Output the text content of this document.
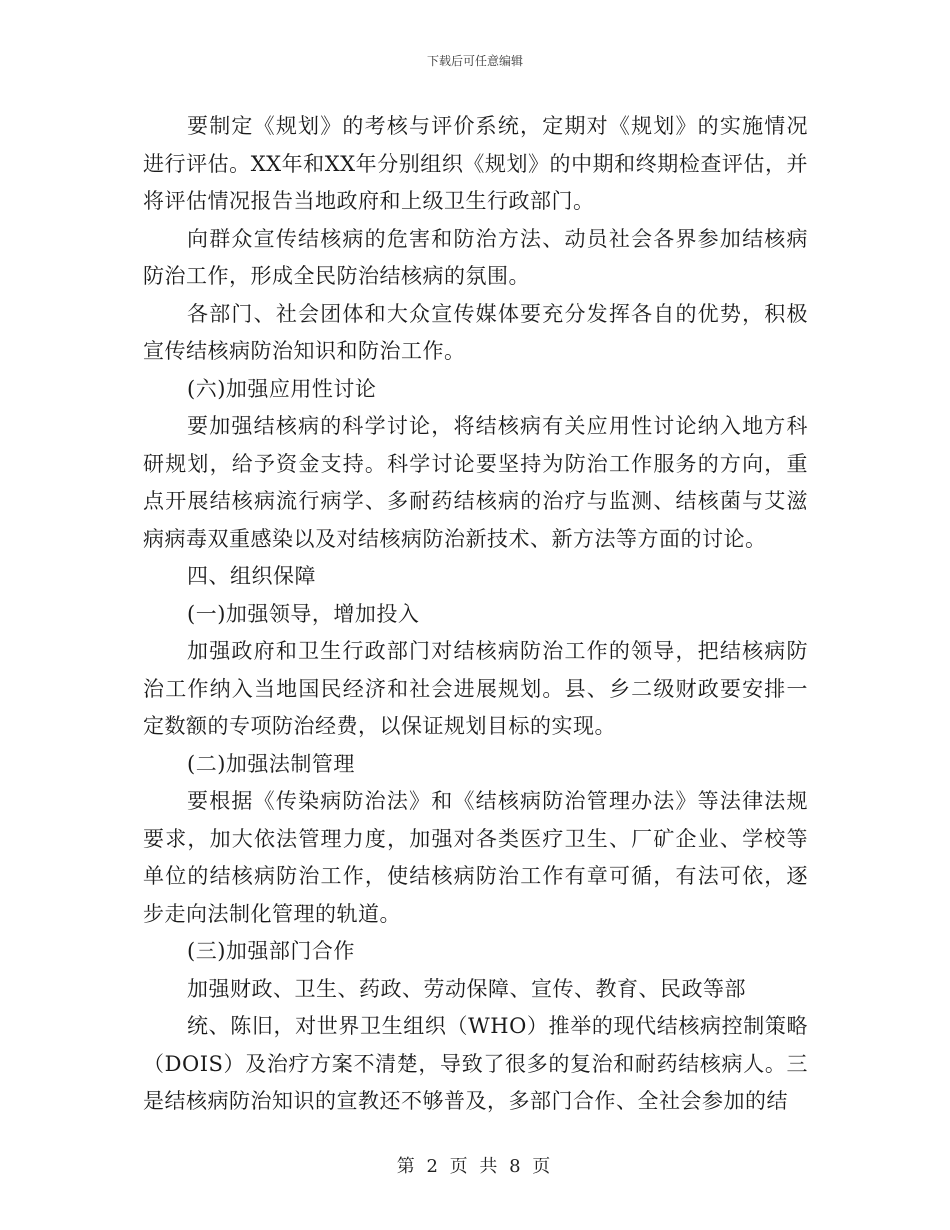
下载后可任意编辑

要制定《规划》的考核与评价系统，定期对《规划》的实施情况进行评估。XX年和XX年分别组织《规划》的中期和终期检查评估，并将评估情况报告当地政府和上级卫生行政部门。

向群众宣传结核病的危害和防治方法、动员社会各界参加结核病防治工作，形成全民防治结核病的氛围。

各部门、社会团体和大众宣传媒体要充分发挥各自的优势，积极宣传结核病防治知识和防治工作。

(六)加强应用性讨论

要加强结核病的科学讨论，将结核病有关应用性讨论纳入地方科研规划，给予资金支持。科学讨论要坚持为防治工作服务的方向，重点开展结核病流行病学、多耐药结核病的治疗与监测、结核菌与艾滋病病毒双重感染以及对结核病防治新技术、新方法等方面的讨论。

四、组织保障

(一)加强领导，增加投入

加强政府和卫生行政部门对结核病防治工作的领导，把结核病防治工作纳入当地国民经济和社会进展规划。县、乡二级财政要安排一定数额的专项防治经费，以保证规划目标的实现。

(二)加强法制管理

要根据《传染病防治法》和《结核病防治管理办法》等法律法规要求，加大依法管理力度，加强对各类医疗卫生、厂矿企业、学校等单位的结核病防治工作，使结核病防治工作有章可循，有法可依，逐步走向法制化管理的轨道。

(三)加强部门合作

加强财政、卫生、药政、劳动保障、宣传、教育、民政等部

统、陈旧，对世界卫生组织（WHO）推举的现代结核病控制策略（DOIS）及治疗方案不清楚，导致了很多的复治和耐药结核病人。三是结核病防治知识的宣教还不够普及，多部门合作、全社会参加的结

第 2 页 共 8 页
